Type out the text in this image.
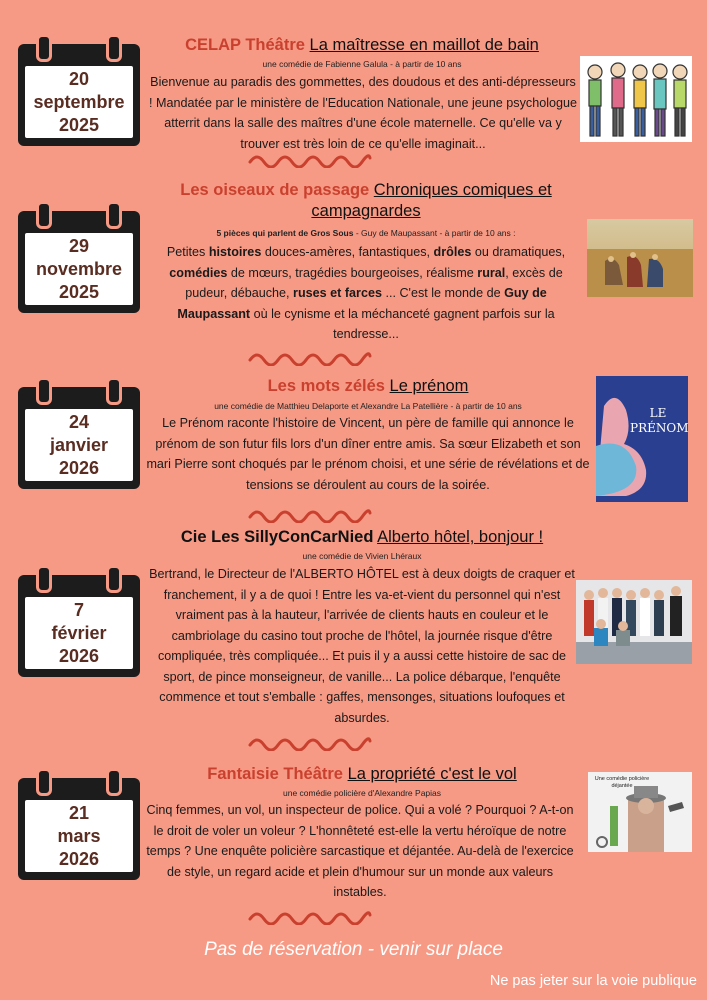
20
septembre
2025
CELAP Théâtre La maîtresse en maillot de bain
une comédie de Fabienne Galula - à partir de 10 ans
Bienvenue au paradis des gommettes, des doudous et des anti-dépresseurs ! Mandatée par le ministère de l'Education Nationale, une jeune psychologue atterrit dans la salle des maîtres d'une école maternelle. Ce qu'elle va y trouver est très loin de ce qu'elle imaginait...
29
novembre
2025
Les oiseaux de passage Chroniques comiques et campagnardes
5 pièces qui parlent de Gros Sous - Guy de Maupassant - à partir de 10 ans :
Petites histoires douces-amères, fantastiques, drôles ou dramatiques, comédies de mœurs, tragédies bourgeoises, réalisme rural, excès de pudeur, débauche, ruses et farces ... C'est le monde de Guy de Maupassant où le cynisme et la méchanceté gagnent parfois sur la tendresse...
24
janvier
2026
Les mots zélés Le prénom
une comédie de Matthieu Delaporte et Alexandre La Patellière - à partir de 10 ans
Le Prénom raconte l'histoire de Vincent, un père de famille qui annonce le prénom de son futur fils lors d'un dîner entre amis. Sa sœur Elizabeth et son mari Pierre sont choqués par le prénom choisi, et une série de révélations et de tensions se déroulent au cours de la soirée.
LE PRÉNOM
7
février
2026
Cie Les SillyConCarNied Alberto hôtel, bonjour !
une comédie de Vivien Lhéraux
Bertrand, le Directeur de l'ALBERTO HÔTEL est à deux doigts de craquer et franchement, il y a de quoi ! Entre les va-et-vient du personnel qui n'est vraiment pas à la hauteur, l'arrivée de clients hauts en couleur et le cambriolage du casino tout proche de l'hôtel, la journée risque d'être compliquée, très compliquée... Et puis il y a aussi cette histoire de sac de sport, de pince monseigneur, de vanille... La police débarque, l'enquête commence et tout s'emballe : gaffes, mensonges, situations loufoques et absurdes.
21
mars
2026
Fantaisie Théâtre La propriété c'est le vol
une comédie policière d'Alexandre Papias
Cinq femmes, un vol, un inspecteur de police. Qui a volé ? Pourquoi ? A-t-on le droit de voler un voleur ? L'honnêteté est-elle la vertu héroïque de notre temps ? Une enquête policière sarcastique et déjantée. Au-delà de l'exercice de style, un regard acide et plein d'humour sur un monde aux valeurs instables.
Une comédie policière déjantée
Pas de réservation - venir sur place
Ne pas jeter sur la voie publique
